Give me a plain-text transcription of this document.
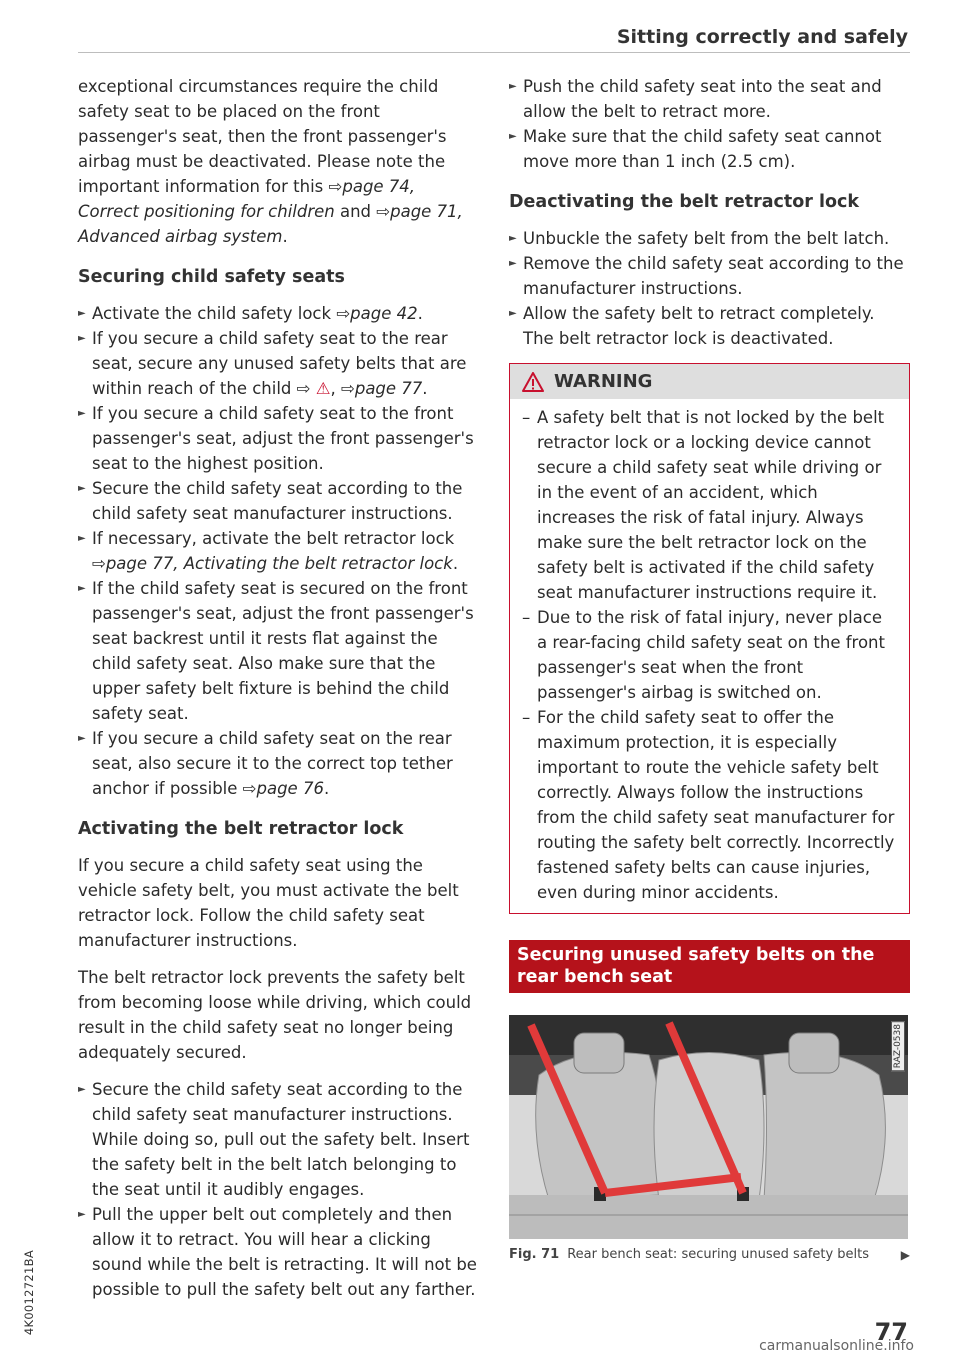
Sitting correctly and safely

exceptional circumstances require the child safety seat to be placed on the front passenger's seat, then the front passenger's airbag must be deactivated. Please note the important information for this ⇨page 74, Correct positioning for children and ⇨page 71, Advanced airbag system.

Securing child safety seats
► Activate the child safety lock ⇨page 42.
► If you secure a child safety seat to the rear seat, secure any unused safety belts that are within reach of the child ⇨ ⚠, ⇨page 77.
► If you secure a child safety seat to the front passenger's seat, adjust the front passenger's seat to the highest position.
► Secure the child safety seat according to the child safety seat manufacturer instructions.
► If necessary, activate the belt retractor lock ⇨page 77, Activating the belt retractor lock.
► If the child safety seat is secured on the front passenger's seat, adjust the front passenger's seat backrest until it rests flat against the child safety seat. Also make sure that the upper safety belt fixture is behind the child safety seat.
► If you secure a child safety seat on the rear seat, also secure it to the correct top tether anchor if possible ⇨page 76.
Activating the belt retractor lock

If you secure a child safety seat using the vehicle safety belt, you must activate the belt retractor lock. Follow the child safety seat manufacturer instructions.

The belt retractor lock prevents the safety belt from becoming loose while driving, which could result in the child safety seat no longer being adequately secured.

► Secure the child safety seat according to the child safety seat manufacturer instructions. While doing so, pull out the safety belt. Insert the safety belt in the belt latch belonging to the seat until it audibly engages.
► Pull the upper belt out completely and then allow it to retract. You will hear a clicking sound while the belt is retracting. It will not be possible to pull the safety belt out any farther.
► Push the child safety seat into the seat and allow the belt to retract more.
► Make sure that the child safety seat cannot move more than 1 inch (2.5 cm).
Deactivating the belt retractor lock
► Unbuckle the safety belt from the belt latch.
► Remove the child safety seat according to the manufacturer instructions.
► Allow the safety belt to retract completely. The belt retractor lock is deactivated.
WARNING

– A safety belt that is not locked by the belt retractor lock or a locking device cannot secure a child safety seat while driving or in the event of an accident, which increases the risk of fatal injury. Always make sure the belt retractor lock on the safety belt is activated if the child safety seat manufacturer instructions require it.

– Due to the risk of fatal injury, never place a rear-facing child safety seat on the front passenger's seat when the front passenger's airbag is switched on.

– For the child safety seat to offer the maximum protection, it is especially important to route the vehicle safety belt correctly. Always follow the instructions from the child safety seat manufacturer for routing the safety belt correctly. Incorrectly fastened safety belts can cause injuries, even during minor accidents.

Securing unused safety belts on the rear bench seat
RAZ-0538
Fig. 71 Rear bench seat: securing unused safety belts	▶
4K0012721BA	77
carmanualsonline.info
